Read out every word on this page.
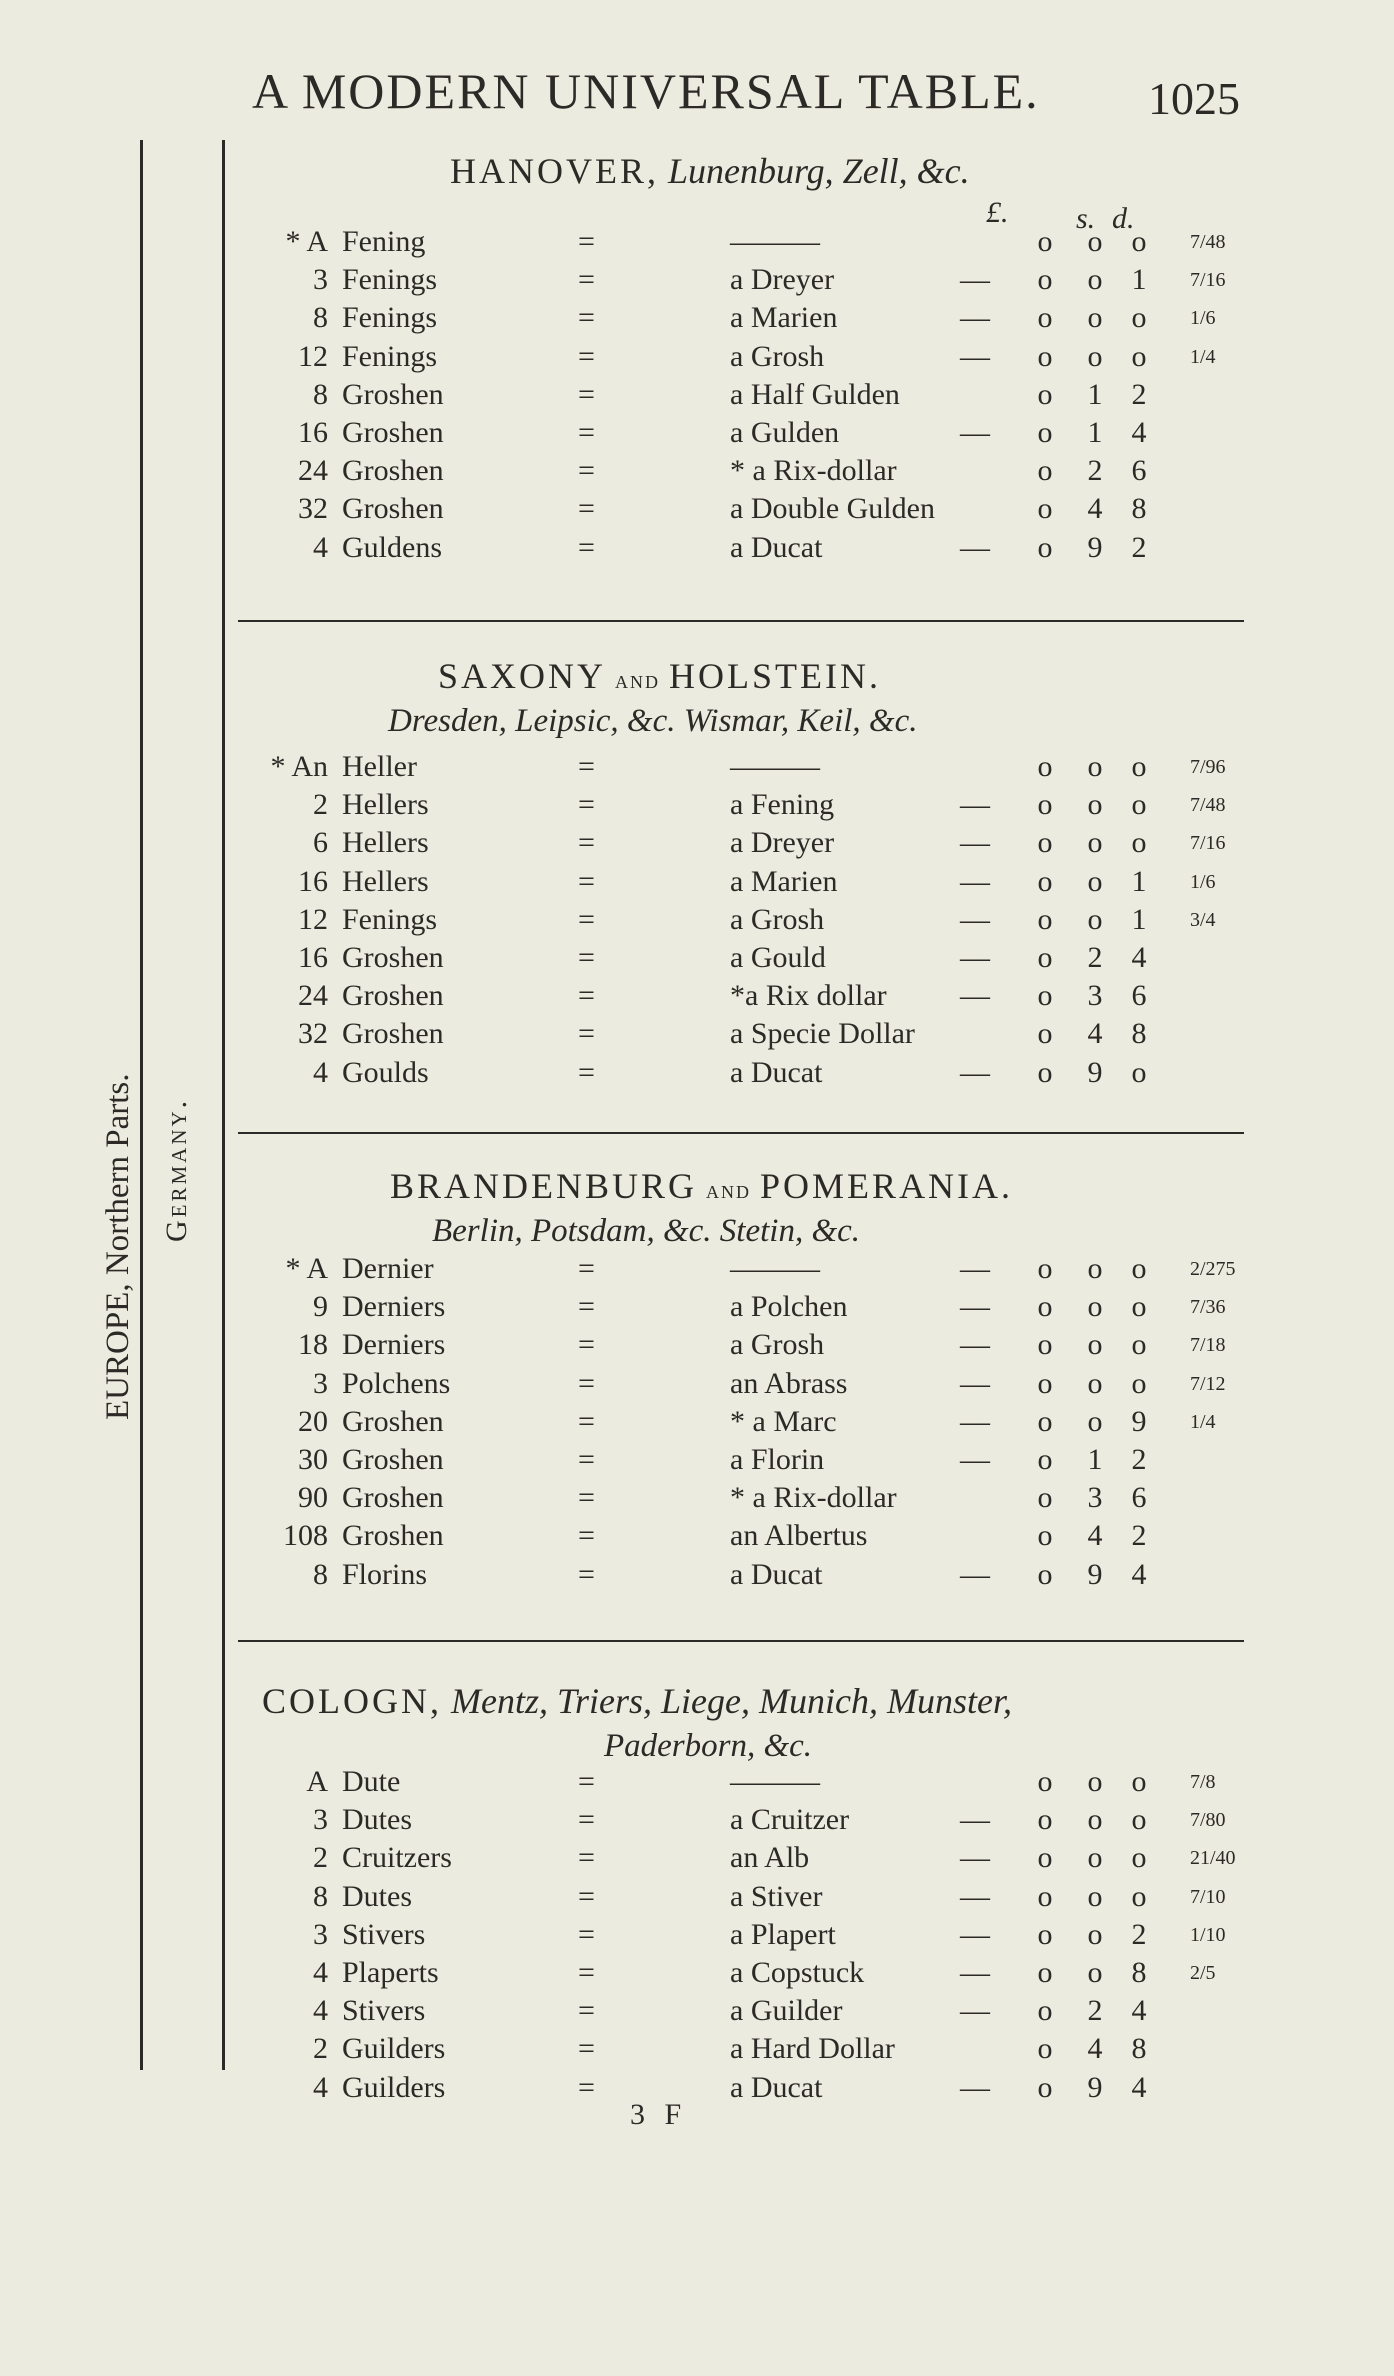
A MODERN UNIVERSAL TABLE. 1025
EUROPE, Northern Parts. Germany.
£. s. d.
HANOVER, Lunenburg, Zell, &c.
* A Fening	=	———	o o o	7/48
3 Fenings	=	a Dreyer	— o o 1	7/16
8 Fenings	=	a Marien	— o o o	1/6
12 Fenings	=	a Grosh	— o o o	1/4
8 Groshen	=	a Half Gulden	o 1 2
16 Groshen	=	a Gulden	— o 1 4
24 Groshen	=	* a Rix-dollar	o 2 6
32 Groshen	=	a Double Gulden	o 4 8
4 Guldens	=	a Ducat	— o 9 2
SAXONY and HOLSTEIN.
Dresden, Leipsic, &c. Wismar, Keil, &c.
* An Heller	=	———	o o o	7/96
2 Hellers	=	a Fening	— o o o	7/48
6 Hellers	=	a Dreyer	— o o o	7/16
16 Hellers	=	a Marien	— o o 1	1/6
12 Fenings	=	a Grosh	— o o 1	3/4
16 Groshen	=	a Gould	— o 2 4
24 Groshen	=	*a Rix dollar — o 3 6
32 Groshen	=	a Specie Dollar	o 4 8
4 Goulds	=	a Ducat	— o 9 o
BRANDENBURG and POMERANIA.
Berlin, Potsdam, &c. Stetin, &c.
* A Dernier	=	———	— o o o	2/275
9 Derniers	=	a Polchen	— o o o	7/36
18 Derniers	=	a Grosh	— o o o	7/18
3 Polchens	=	an Abrass	— o o o	7/12
20 Groshen	=	* a Marc	— o o 9	1/4
30 Groshen	=	a Florin	— o 1 2
90 Groshen	=	* a Rix-dollar	o 3 6
108 Groshen	=	an Albertus	o 4 2
8 Florins	=	a Ducat	— o 9 4
COLOGN, Mentz, Triers, Liege, Munich, Munster,
Paderborn, &c.
A Dute	=	———	o o o	7/8
3 Dutes	=	a Cruitzer	— o o o	7/80
2 Cruitzers	=	an Alb	— o o o	21/40
8 Dutes	=	a Stiver	— o o o	7/10
3 Stivers	=	a Plapert	— o o 2	1/10
4 Plaperts	=	a Copstuck	— o o 8	2/5
4 Stivers	=	a Guilder	— o 2 4
2 Guilders	=	a Hard Dollar	o 4 8
4 Guilders	=	a Ducat	— o 9 4
3 F
